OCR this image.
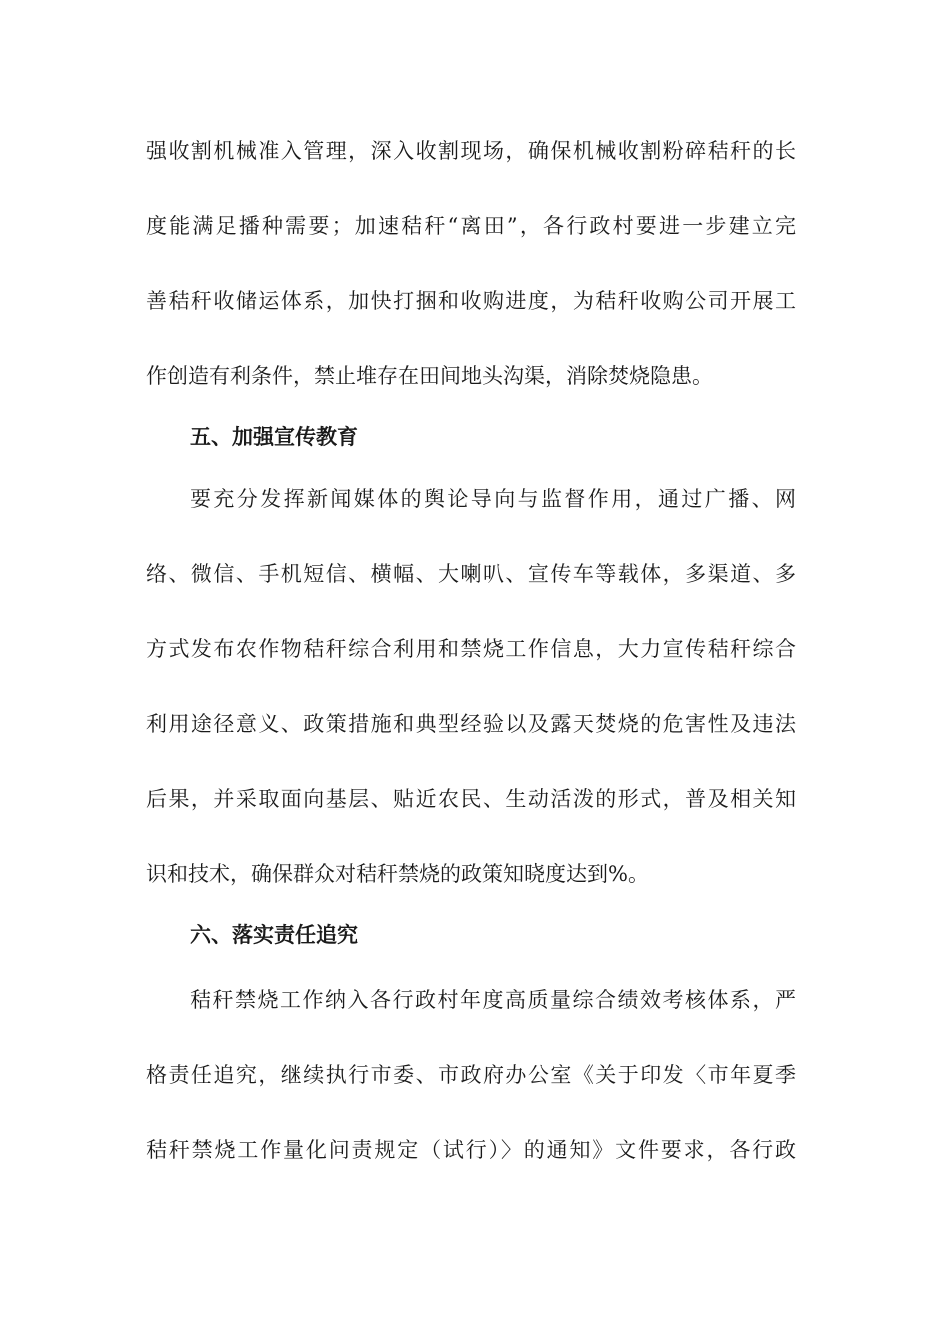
强收割机械准入管理，深入收割现场，确保机械收割粉碎秸秆的长
度能满足播种需要；加速秸秆“离田”，各行政村要进一步建立完
善秸秆收储运体系，加快打捆和收购进度，为秸秆收购公司开展工
作创造有利条件，禁止堆存在田间地头沟渠，消除焚烧隐患。
五、加强宣传教育
要充分发挥新闻媒体的舆论导向与监督作用，通过广播、网
络、微信、手机短信、横幅、大喇叭、宣传车等载体，多渠道、多
方式发布农作物秸秆综合利用和禁烧工作信息，大力宣传秸秆综合
利用途径意义、政策措施和典型经验以及露天焚烧的危害性及违法
后果，并采取面向基层、贴近农民、生动活泼的形式，普及相关知
识和技术，确保群众对秸秆禁烧的政策知晓度达到%。
六、落实责任追究
秸秆禁烧工作纳入各行政村年度高质量综合绩效考核体系，严
格责任追究，继续执行市委、市政府办公室《关于印发〈市年夏季
秸秆禁烧工作量化问责规定（试行）〉的通知》文件要求，各行政
